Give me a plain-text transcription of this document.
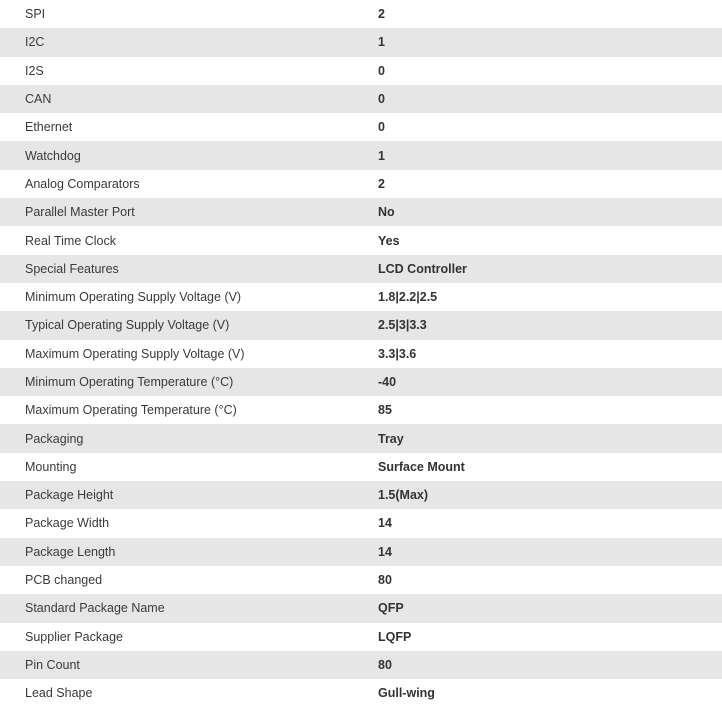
SPI	2
I2C	1
I2S	0
CAN	0
Ethernet	0
Watchdog	1
Analog Comparators	2
Parallel Master Port	No
Real Time Clock	Yes
Special Features	LCD Controller
Minimum Operating Supply Voltage (V)	1.8|2.2|2.5
Typical Operating Supply Voltage (V)	2.5|3|3.3
Maximum Operating Supply Voltage (V)	3.3|3.6
Minimum Operating Temperature (°C)	-40
Maximum Operating Temperature (°C)	85
Packaging	Tray
Mounting	Surface Mount
Package Height	1.5(Max)
Package Width	14
Package Length	14
PCB changed	80
Standard Package Name	QFP
Supplier Package	LQFP
Pin Count	80
Lead Shape	Gull-wing
